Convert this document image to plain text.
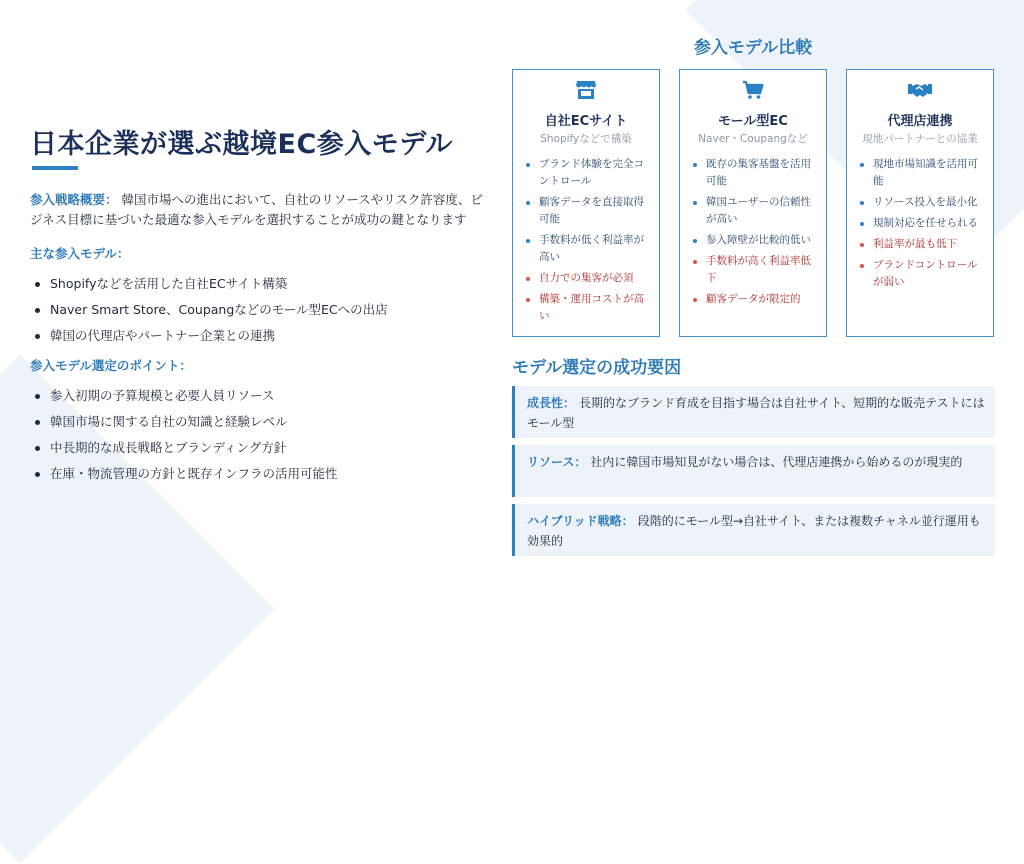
日本企業が選ぶ越境EC参入モデル

参入戦略概要： 韓国市場への進出において、自社のリソースやリスク許容度、ビジネス目標に基づいた最適な参入モデルを選択することが成功の鍵となります

主な参入モデル：
Shopifyなどを活用した自社ECサイト構築
Naver Smart Store、Coupangなどのモール型ECへの出店
韓国の代理店やパートナー企業との連携
参入モデル選定のポイント：
参入初期の予算規模と必要人員リソース
韓国市場に関する自社の知識と経験レベル
中長期的な成長戦略とブランディング方針
在庫・物流管理の方針と既存インフラの活用可能性
参入モデル比較
自社ECサイト
Shopifyなどで構築
ブランド体験を完全コントロール
顧客データを直接取得可能
手数料が低く利益率が高い
自力での集客が必須
構築・運用コストが高い
モール型EC
Naver・Coupangなど
既存の集客基盤を活用可能
韓国ユーザーの信頼性が高い
参入障壁が比較的低い
手数料が高く利益率低下
顧客データが限定的
代理店連携
現地パートナーとの協業
現地市場知識を活用可能
リソース投入を最小化
規制対応を任せられる
利益率が最も低下
ブランドコントロールが弱い
モデル選定の成功要因
成長性： 長期的なブランド育成を目指す場合は自社サイト、短期的な販売テストにはモール型
リソース： 社内に韓国市場知見がない場合は、代理店連携から始めるのが現実的
ハイブリッド戦略： 段階的にモール型→自社サイト、または複数チャネル並行運用も効果的
